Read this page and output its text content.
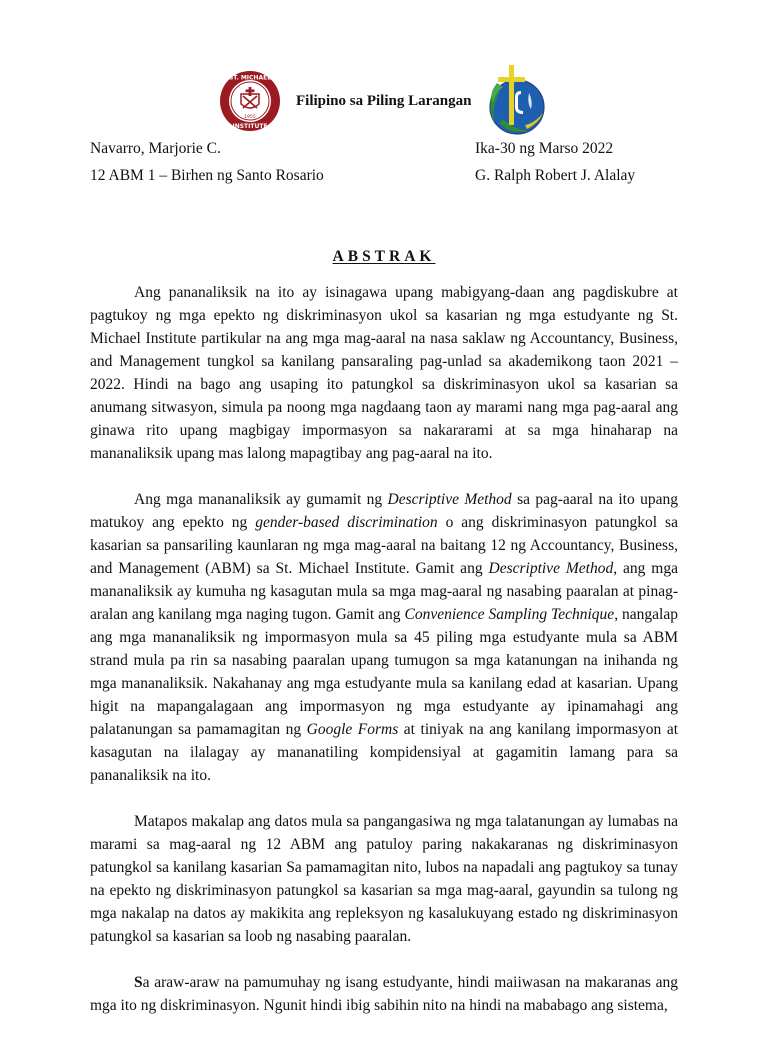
ST. MICHAEL
INSTITUTE
1955
Filipino sa Piling Larangan
Navarro, Marjorie C.	Ika-30 ng Marso 2022
12 ABM 1 – Birhen ng Santo Rosario	G. Ralph Robert J. Alalay
ABSTRAK

Ang pananaliksik na ito ay isinagawa upang mabigyang-daan ang pagdiskubre at pagtukoy ng mga epekto ng diskriminasyon ukol sa kasarian ng mga estudyante ng St. Michael Institute partikular na ang mga mag-aaral na nasa saklaw ng Accountancy, Business, and Management tungkol sa kanilang pansaraling pag-unlad sa akademikong taon 2021 – 2022. Hindi na bago ang usaping ito patungkol sa diskriminasyon ukol sa kasarian sa anumang sitwasyon, simula pa noong mga nagdaang taon ay marami nang mga pag-aaral ang ginawa rito upang magbigay impormasyon sa nakararami at sa mga hinaharap na mananaliksik upang mas lalong mapagtibay ang pag-aaral na ito.

Ang mga mananaliksik ay gumamit ng Descriptive Method sa pag-aaral na ito upang matukoy ang epekto ng gender-based discrimination o ang diskriminasyon patungkol sa kasarian sa pansariling kaunlaran ng mga mag-aaral na baitang 12 ng Accountancy, Business, and Management (ABM) sa St. Michael Institute. Gamit ang Descriptive Method, ang mga mananaliksik ay kumuha ng kasagutan mula sa mga mag-aaral ng nasabing paaralan at pinag-aralan ang kanilang mga naging tugon. Gamit ang Convenience Sampling Technique, nangalap ang mga mananaliksik ng impormasyon mula sa 45 piling mga estudyante mula sa ABM strand mula pa rin sa nasabing paaralan upang tumugon sa mga katanungan na inihanda ng mga mananaliksik. Nakahanay ang mga estudyante mula sa kanilang edad at kasarian. Upang higit na mapangalagaan ang impormasyon ng mga estudyante ay ipinamahagi ang palatanungan sa pamamagitan ng Google Forms at tiniyak na ang kanilang impormasyon at kasagutan na ilalagay ay mananatiling kompidensiyal at gagamitin lamang para sa pananaliksik na ito.

Matapos makalap ang datos mula sa pangangasiwa ng mga talatanungan ay lumabas na marami sa mag-aaral ng 12 ABM ang patuloy paring nakakaranas ng diskriminasyon patungkol sa kanilang kasarian Sa pamamagitan nito, lubos na napadali ang pagtukoy sa tunay na epekto ng diskriminasyon patungkol sa kasarian sa mga mag-aaral, gayundin sa tulong ng mga nakalap na datos ay makikita ang repleksyon ng kasalukuyang estado ng diskriminasyon patungkol sa kasarian sa loob ng nasabing paaralan.

Sa araw-araw na pamumuhay ng isang estudyante, hindi maiiwasan na makaranas ang mga ito ng diskriminasyon. Ngunit hindi ibig sabihin nito na hindi na mababago ang sistema,
